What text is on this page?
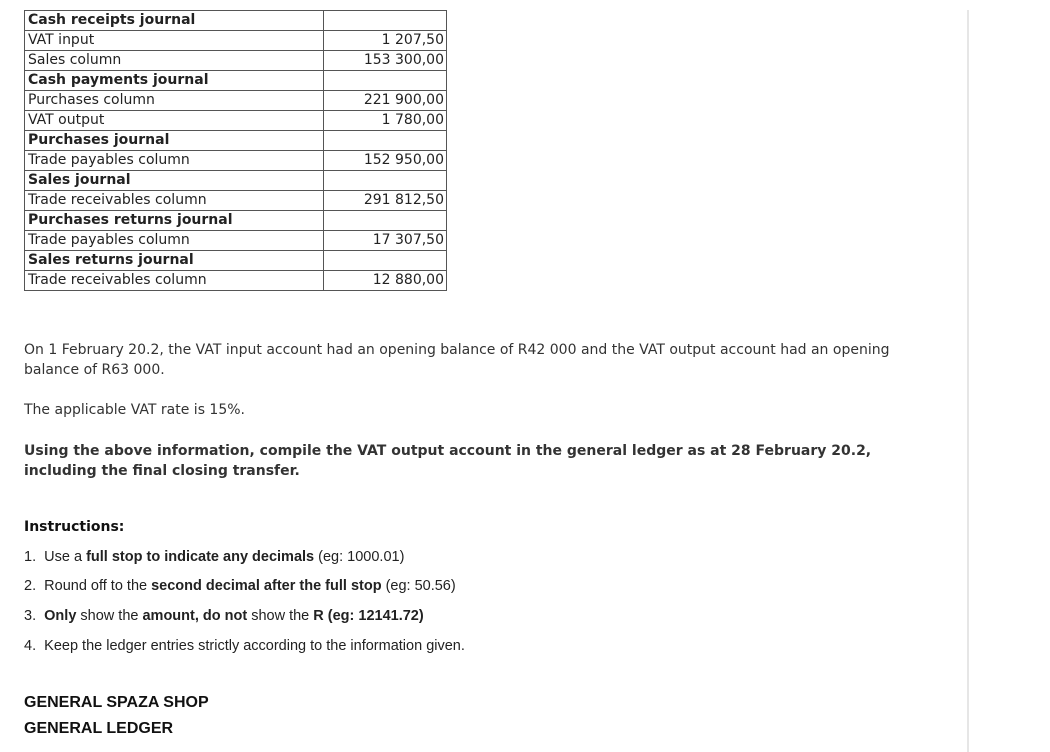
Cash receipts journal	
VAT input	1 207,50
Sales column	153 300,00
Cash payments journal	
Purchases column	221 900,00
VAT output	1 780,00
Purchases journal	
Trade payables column	152 950,00
Sales journal	
Trade receivables column	291 812,50
Purchases returns journal	
Trade payables column	17 307,50
Sales returns journal	
Trade receivables column	12 880,00
On 1 February 20.2, the VAT input account had an opening balance of R42 000 and the VAT output account had an opening balance of R63 000.
The applicable VAT rate is 15%.
Using the above information, compile the VAT output account in the general ledger as at 28 February 20.2, including the final closing transfer.
Instructions:
1. Use a full stop to indicate any decimals (eg: 1000.01)
2. Round off to the second decimal after the full stop (eg: 50.56)
3. Only show the amount, do not show the R (eg: 12141.72)
4. Keep the ledger entries strictly according to the information given.
GENERAL SPAZA SHOP
GENERAL LEDGER
